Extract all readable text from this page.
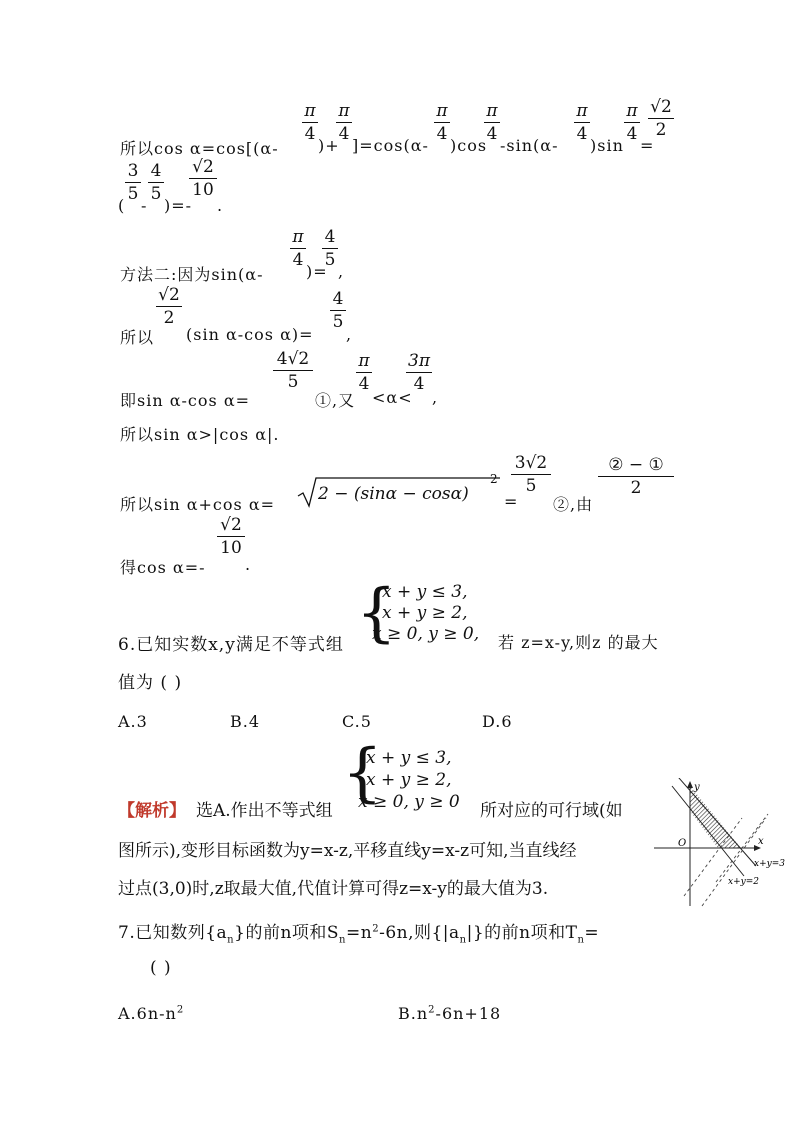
所以cos α=cos[(α-
π
4
)+
π
4
]=cos(α-
π
4
)cos
π
4
-sin(α-
π
4
)sin
π
4
=
√2
2
(
3
5
-
4
5
)=-
√2
10
.
方法二:因为sin(α-
π
4
)=
4
5
,
所以
√2
2
(sin α-cos α)=
4
5
,
即sin α-cos α=
4√2
5
①,又
π
4
<α<
3π
4
,
所以sin α>|cos α|.
所以sin α+cos α=
2 − (sinα − cosα)
2
=
3√2
5
②,由
② − ①
2
得cos α=-
√2
10
.
6.已知实数x,y满足不等式组 {
x + y ≤ 3,
x + y ≥ 2,
x ≥ 0, y ≥ 0, 若 z=x-y,则z 的最大
值为 ( )
A.3	B.4	C.5	D.6
{
x + y ≤ 3,
x + y ≥ 2,
x ≥ 0, y ≥ 0
【解析】 选A.作出不等式组	所对应的可行域(如
图所示),变形目标函数为y=x-z,平移直线y=x-z可知,当直线经
过点(3,0)时,z取最大值,代值计算可得z=x-y的最大值为3.
y
x
O
x+y=3
x+y=2
7.已知数列$\{a_n\}$的前n项和$S_n=n^2-6n$,则$\{|a_n|\}$的前n项和$T_n=$
( )
$A.6n-n^2$	$B.n^2-6n+18$
